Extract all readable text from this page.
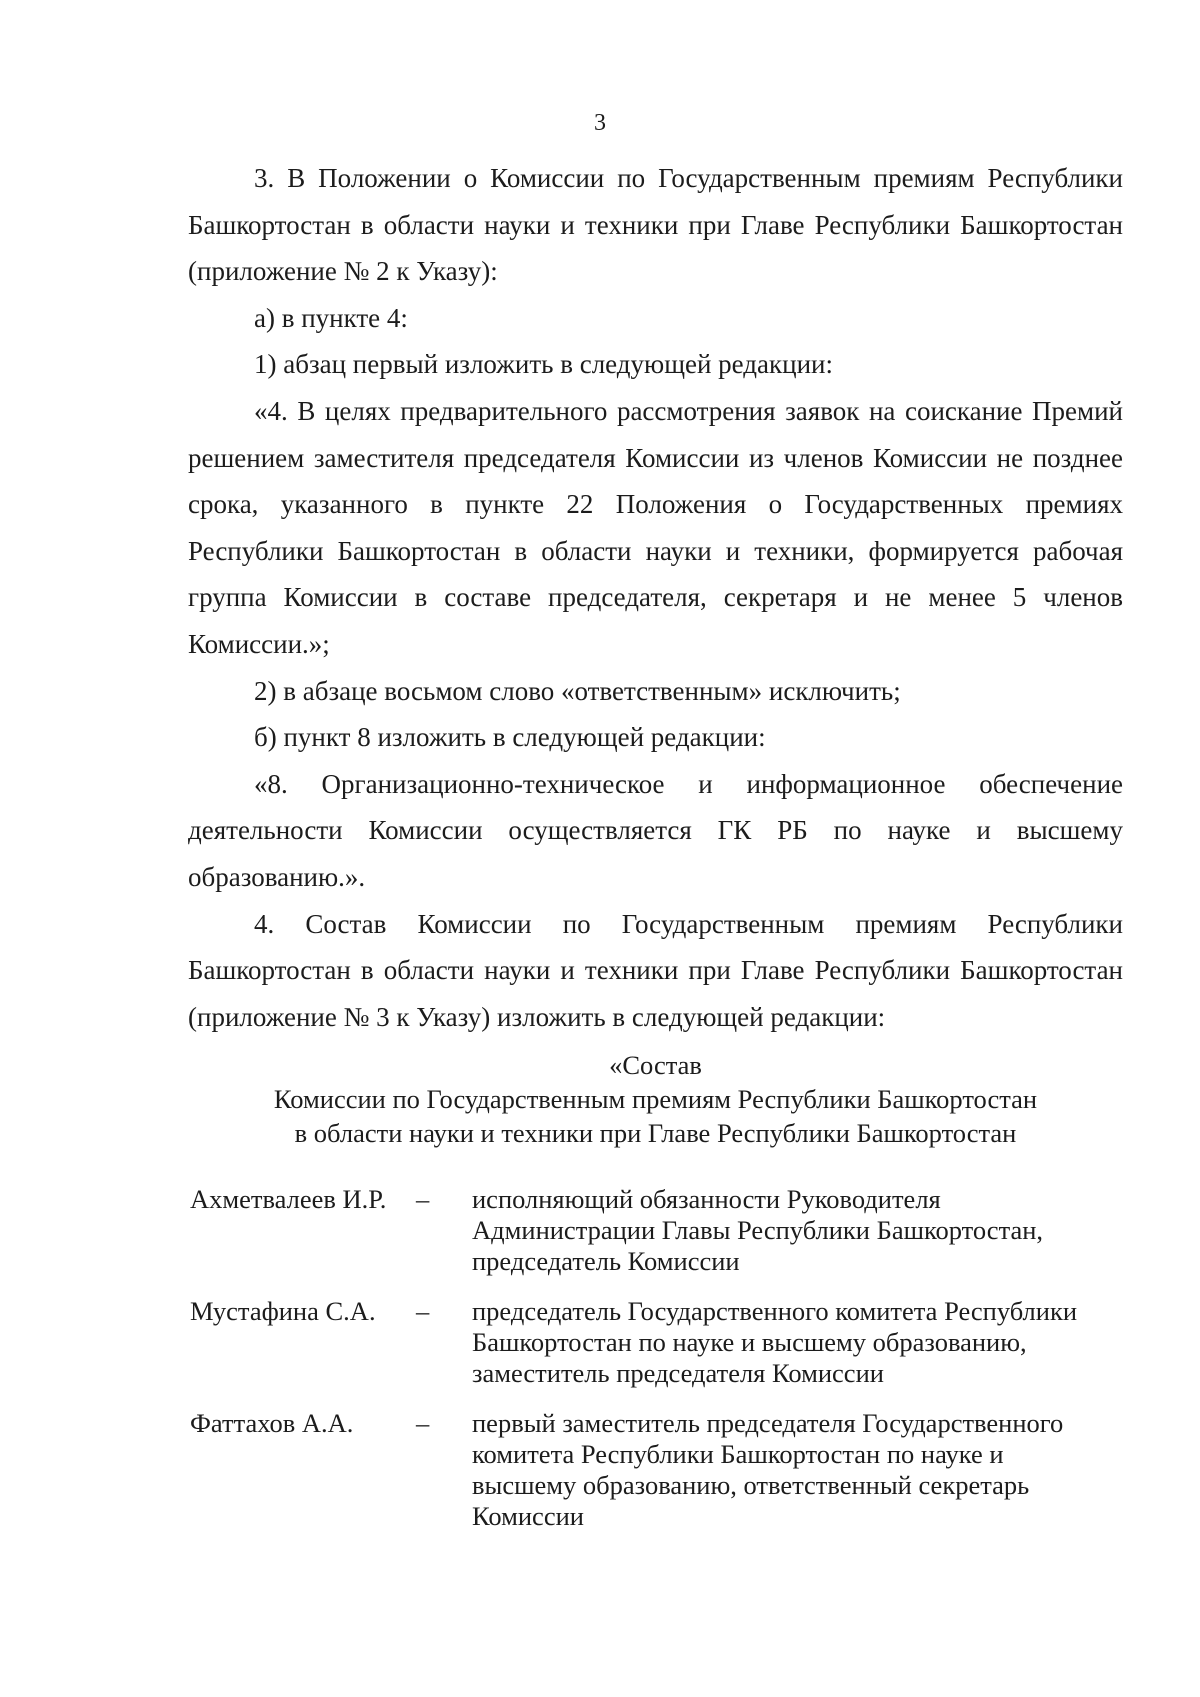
3

3. В Положении о Комиссии по Государственным премиям Республики Башкортостан в области науки и техники при Главе Республики Башкортостан (приложение № 2 к Указу):

а) в пункте 4:

1) абзац первый изложить в следующей редакции:

«4. В целях предварительного рассмотрения заявок на соискание Премий решением заместителя председателя Комиссии из членов Комиссии не позднее срока, указанного в пункте 22 Положения о Государственных премиях Республики Башкортостан в области науки и техники, формируется рабочая группа Комиссии в составе председателя, секретаря и не менее 5 членов Комиссии.»;

2) в абзаце восьмом слово «ответственным» исключить;

б) пункт 8 изложить в следующей редакции:

«8. Организационно-техническое и информационное обеспечение деятельности Комиссии осуществляется ГК РБ по науке и высшему образованию.».

4. Состав Комиссии по Государственным премиям Республики Башкортостан в области науки и техники при Главе Республики Башкортостан (приложение № 3 к Указу) изложить в следующей редакции:

«Состав
Комиссии по Государственным премиям Республики Башкортостан
в области науки и техники при Главе Республики Башкортостан
Ахметвалеев И.Р.	–	исполняющий обязанности Руководителя Администрации Главы Республики Башкортостан, председатель Комиссии
Мустафина С.А.	–	председатель Государственного комитета Республики Башкортостан по науке и высшему образованию, заместитель председателя Комиссии
Фаттахов А.А.	–	первый заместитель председателя Государственного комитета Республики Башкортостан по науке и высшему образованию, ответственный секретарь Комиссии
